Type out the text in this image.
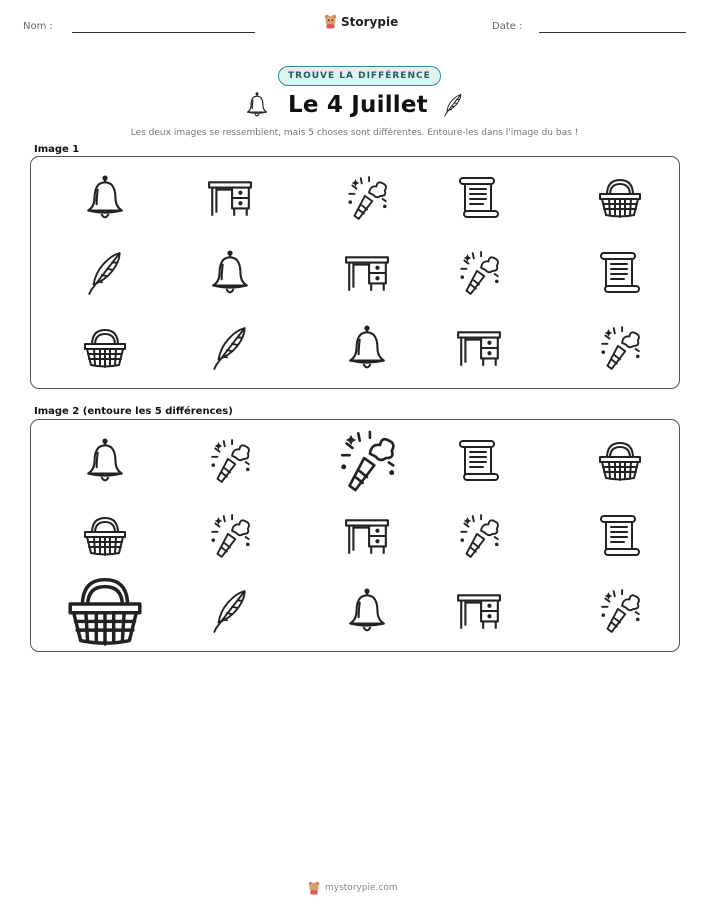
Nom :	Storypie	Date :
TROUVE LA DIFFÉRENCE
Le 4 Juillet
Les deux images se ressemblent, mais 5 choses sont différentes. Entoure-les dans l'image du bas !
Image 1
Image 2 (entoure les 5 différences)
mystorypie.com
